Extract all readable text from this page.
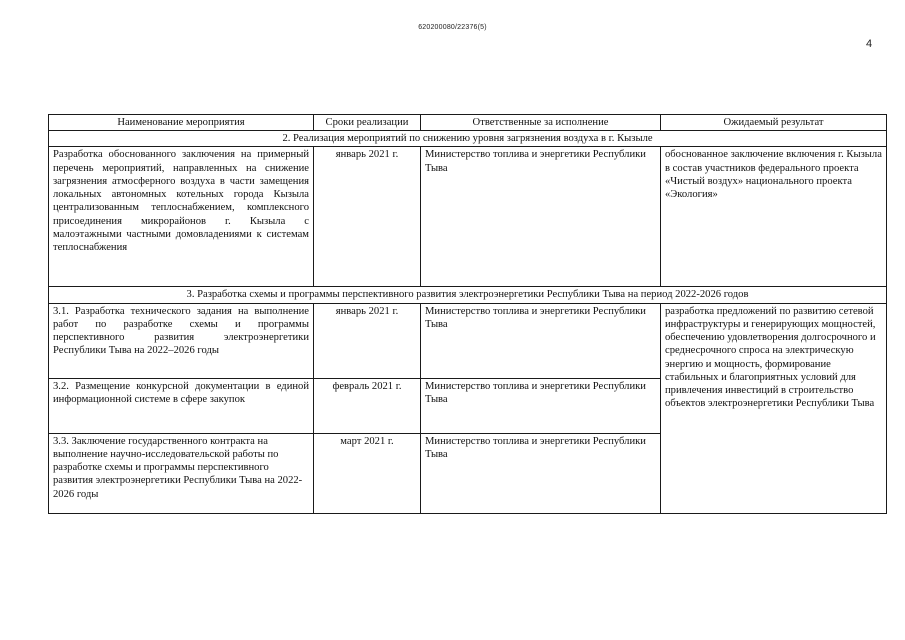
620200080/22376(5)
4
Наименование мероприятия	Сроки реализации	Ответственные за исполнение	Ожидаемый результат
2. Реализация мероприятий по снижению уровня загрязнения воздуха в г. Кызыле			
Разработка обоснованного заключения на примерный перечень мероприятий, направленных на снижение загрязнения атмосферного воздуха в части замещения локальных автономных котельных города Кызыла централизованным теплоснабжением, комплексного присоединения микрорайонов г. Кызыла с малоэтажными частными домовладениями к системам теплоснабжения	январь 2021 г.	Министерство топлива и энергетики Республики Тыва	обоснованное заключение включения г. Кызыла в состав участников федерального проекта «Чистый воздух» национального проекта «Экология»
3. Разработка схемы и программы перспективного развития электроэнергетики Республики Тыва на период 2022-2026 годов			
3.1. Разработка технического задания на выполнение работ по разработке схемы и программы перспективного развития электроэнергетики Республики Тыва на 2022–2026 годы	январь 2021 г.	Министерство топлива и энергетики Республики Тыва	разработка предложений по развитию сетевой инфраструктуры и генерирующих мощностей, обеспечению удовлетворения долгосрочного и среднесрочного спроса на электрическую энергию и мощность, формирование стабильных и благоприятных условий для привлечения инвестиций в строительство объектов электроэнергетики Республики Тыва
3.2. Размещение конкурсной документации в единой информационной системе в сфере закупок	февраль 2021 г.	Министерство топлива и энергетики Республики Тыва	
3.3. Заключение государственного контракта на выполнение научно-исследовательской работы по разработке схемы и программы перспективного развития электроэнергетики Республики Тыва на 2022-2026 годы	март 2021 г.	Министерство топлива и энергетики Республики Тыва	
